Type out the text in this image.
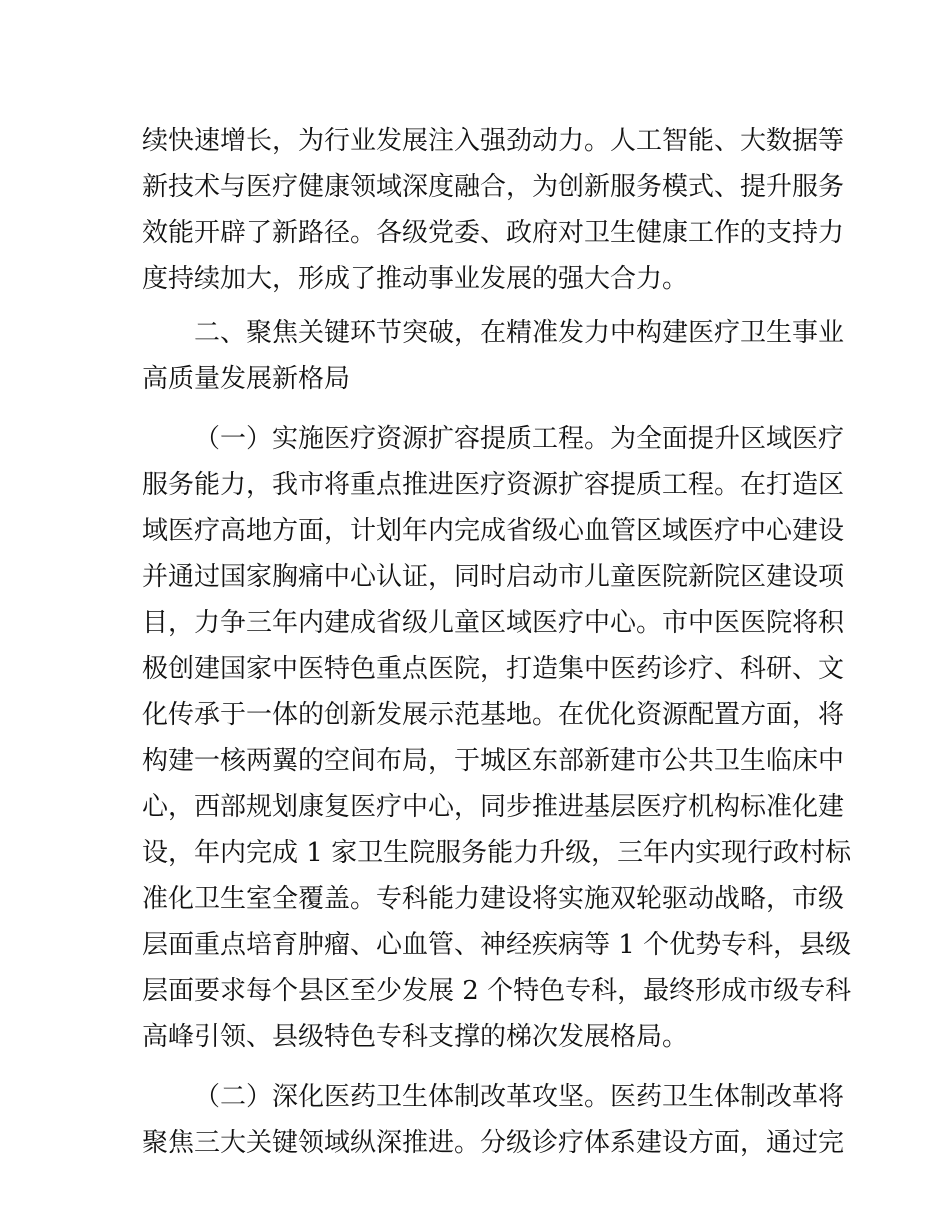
续快速增长，为行业发展注入强劲动力。人工智能、大数据等
新技术与医疗健康领域深度融合，为创新服务模式、提升服务
效能开辟了新路径。各级党委、政府对卫生健康工作的支持力
度持续加大，形成了推动事业发展的强大合力。
二、聚焦关键环节突破，在精准发力中构建医疗卫生事业
高质量发展新格局
（一）实施医疗资源扩容提质工程。为全面提升区域医疗
服务能力，我市将重点推进医疗资源扩容提质工程。在打造区
域医疗高地方面，计划年内完成省级心血管区域医疗中心建设
并通过国家胸痛中心认证，同时启动市儿童医院新院区建设项
目，力争三年内建成省级儿童区域医疗中心。市中医医院将积
极创建国家中医特色重点医院，打造集中医药诊疗、科研、文
化传承于一体的创新发展示范基地。在优化资源配置方面，将
构建一核两翼的空间布局，于城区东部新建市公共卫生临床中
心，西部规划康复医疗中心，同步推进基层医疗机构标准化建
设，年内完成 1 家卫生院服务能力升级，三年内实现行政村标
准化卫生室全覆盖。专科能力建设将实施双轮驱动战略，市级
层面重点培育肿瘤、心血管、神经疾病等 1 个优势专科，县级
层面要求每个县区至少发展 2 个特色专科，最终形成市级专科
高峰引领、县级特色专科支撑的梯次发展格局。
（二）深化医药卫生体制改革攻坚。医药卫生体制改革将
聚焦三大关键领域纵深推进。分级诊疗体系建设方面，通过完
